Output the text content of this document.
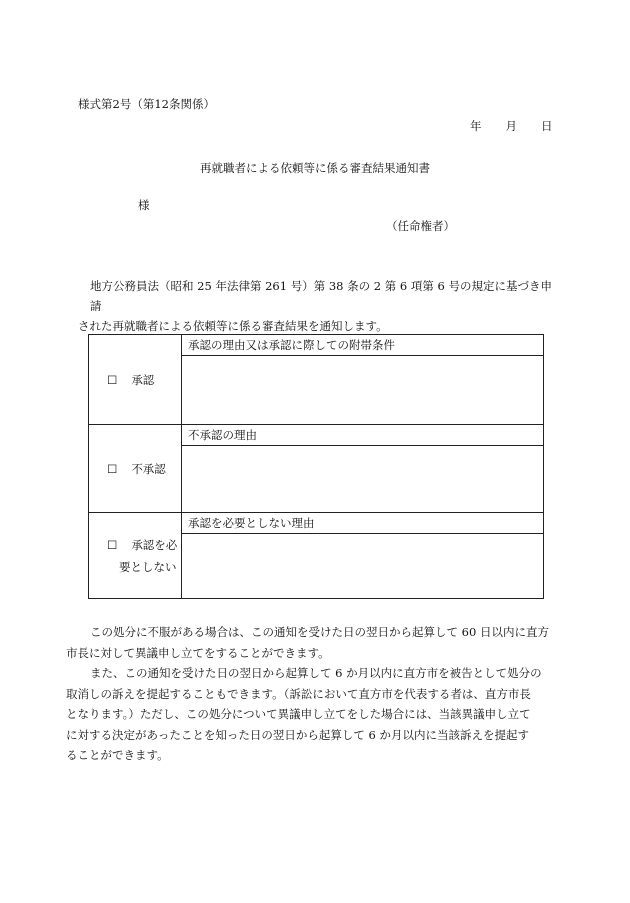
様式第2号（第12条関係）
年 月 日
再就職者による依頼等に係る審査結果通知書
様
（任命権者）
地方公務員法（昭和 25 年法律第 261 号）第 38 条の 2 第 6 項第 6 号の規定に基づき申請
された再就職者による依頼等に係る審査結果を通知します。
☐ 承認	承認の理由又は承認に際しての附帯条件

☐ 不承認	不承認の理由

☐ 承認を必
要としない	承認を必要としない理由

この処分に不服がある場合は、この通知を受けた日の翌日から起算して 60 日以内に直方
市長に対して異議申し立てをすることができます。

また、この通知を受けた日の翌日から起算して 6 か月以内に直方市を被告として処分の
取消しの訴えを提起することもできます。（訴訟において直方市を代表する者は、直方市長
となります。）ただし、この処分について異議申し立てをした場合には、当該異議申し立て
に対する決定があったことを知った日の翌日から起算して 6 か月以内に当該訴えを提起す
ることができます。
